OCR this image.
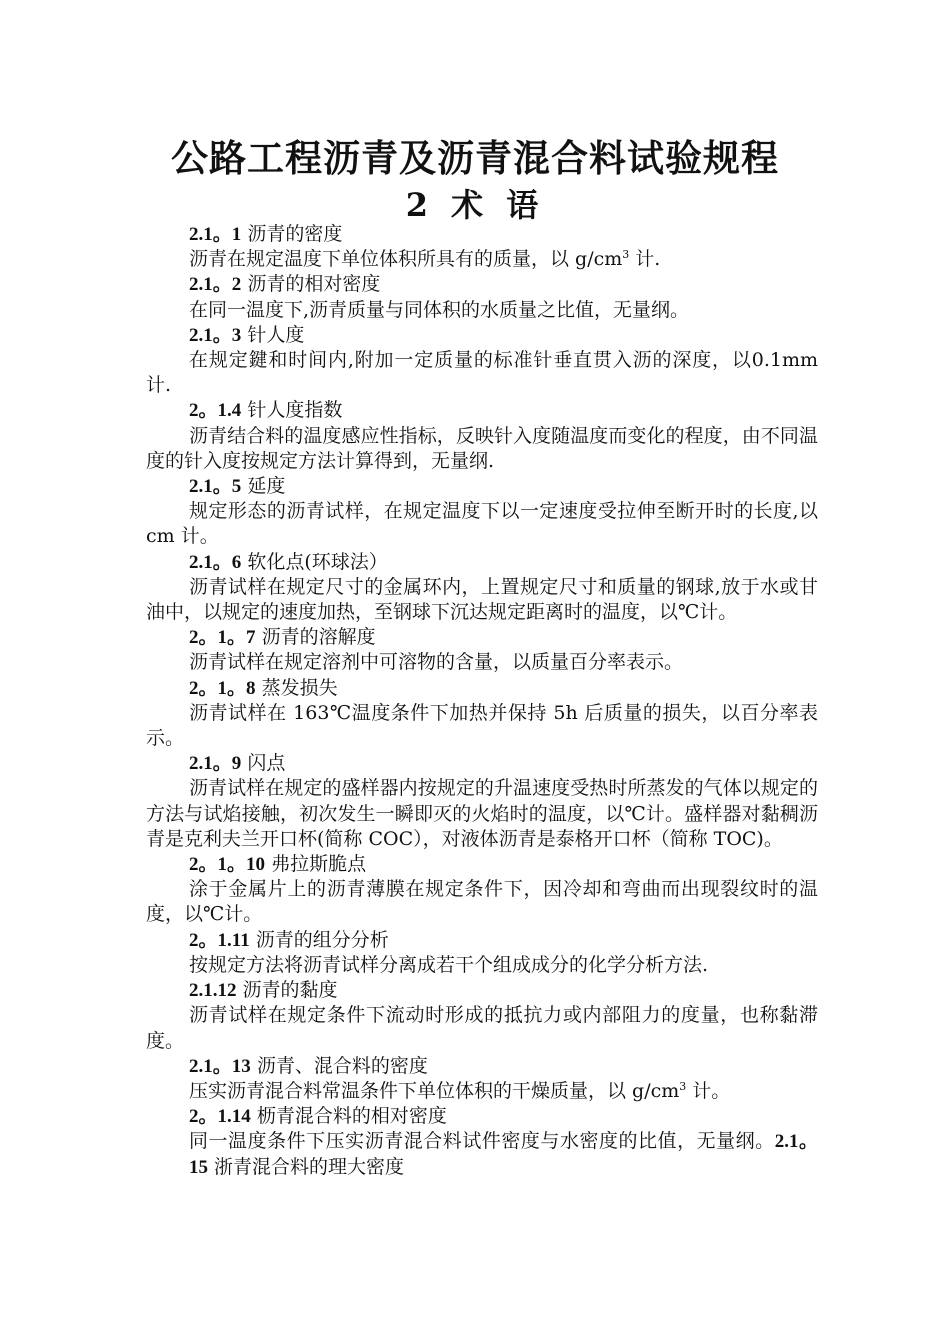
公路工程沥青及沥青混合料试验规程
2 术 语
2.1。1 沥青的密度
沥青在规定温度下单位体积所具有的质量，以 $g/cm^3$ 计.
2.1。2 沥青的相对密度
在同一温度下,沥青质量与同体积的水质量之比值，无量纲。
2.1。3 针人度
在规定鍵和时间内,附加一定质量的标准针垂直贯入沥的深度，以0.1mm 计.
2。1.4 针人度指数
沥青结合料的温度感应性指标，反映针入度随温度而变化的程度，由不同温度的针入度按规定方法计算得到，无量纲.
2.1。5 延度
规定形态的沥青试样，在规定温度下以一定速度受拉伸至断开时的长度,以 cm 计。
2.1。6 软化点(环球法）
沥青试样在规定尺寸的金属环内，上置规定尺寸和质量的钢球,放于水或甘油中，以规定的速度加热，至钢球下沉达规定距离时的温度，以℃计。
2。1。7 沥青的溶解度
沥青试样在规定溶剂中可溶物的含量，以质量百分率表示。
2。1。8 蒸发损失
沥青试样在 163℃温度条件下加热并保持 5h 后质量的损失，以百分率表示。
2.1。9 闪点
沥青试样在规定的盛样器内按规定的升温速度受热时所蒸发的气体以规定的方法与试焰接触，初次发生一瞬即灭的火焰时的温度，以℃计。盛样器对黏稠沥青是克利夫兰开口杯(简称 COC），对液体沥青是泰格开口杯（简称 TOC)。
2。1。10 弗拉斯脆点
涂于金属片上的沥青薄膜在规定条件下，因冷却和弯曲而出现裂纹时的温度，以℃计。
2。1.11 沥青的组分分析
按规定方法将沥青试样分离成若干个组成成分的化学分析方法.
2.1.12 沥青的黏度
沥青试样在规定条件下流动时形成的抵抗力或内部阻力的度量，也称黏滞度。
2.1。13 沥青、混合料的密度
压实沥青混合料常温条件下单位体积的干燥质量，以 $g/cm^3$ 计。
2。1.14 枥青混合料的相对密度
同一温度条件下压实沥青混合料试件密度与水密度的比值，无量纲。2.1。15 浙青混合料的理大密度
